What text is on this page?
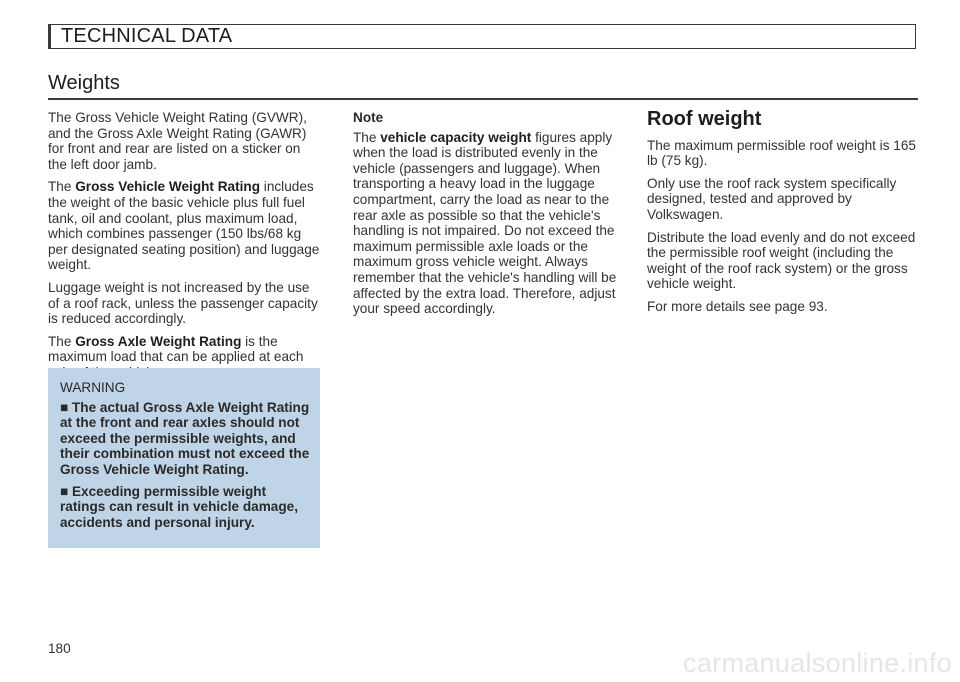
TECHNICAL DATA
Weights

The Gross Vehicle Weight Rating (GVWR), and the Gross Axle Weight Rating (GAWR) for front and rear are listed on a sticker on the left door jamb.

The Gross Vehicle Weight Rating includes the weight of the basic vehicle plus full fuel tank, oil and coolant, plus maximum load, which combines passenger (150 lbs/68 kg per designated seating position) and luggage weight.

Luggage weight is not increased by the use of a roof rack, unless the passenger capacity is reduced accordingly.

The Gross Axle Weight Rating is the maximum load that can be applied at each

WARNING
■ The actual Gross Axle Weight Rating at the front and rear axles should not exceed the permissible weights, and their combination must not exceed the Gross Vehicle Weight Rating.
■ Exceeding permissible weight ratings can result in vehicle damage, accidents and personal injury.
Note

The vehicle capacity weight figures apply when the load is distributed evenly in the vehicle (passengers and luggage). When transporting a heavy load in the luggage compartment, carry the load as near to the rear axle as possible so that the vehicle's handling is not impaired. Do not exceed the maximum permissible axle loads or the maximum gross vehicle weight. Always remember that the vehicle's handling will be affected by the extra load. Therefore, adjust your speed accordingly.

Roof weight

The maximum permissible roof weight is 165 lb (75 kg).

Only use the roof rack system specifically designed, tested and approved by Volkswagen.

Distribute the load evenly and do not exceed the permissible roof weight (including the weight of the roof rack system) or the gross vehicle weight.

For more details see page 93.

180	carmanualsonline.info
